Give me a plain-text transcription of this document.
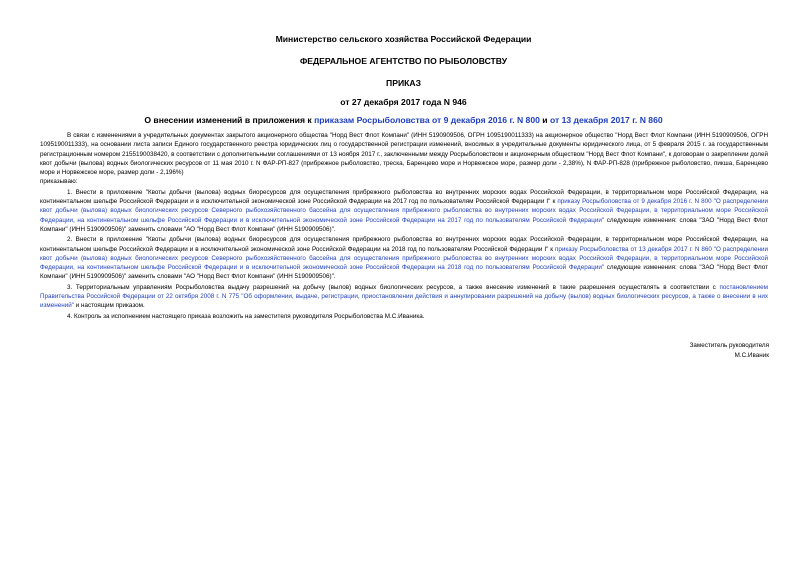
Министерство сельского хозяйства Российской Федерации
ФЕДЕРАЛЬНОЕ АГЕНТСТВО ПО РЫБОЛОВСТВУ
ПРИКАЗ
от 27 декабря 2017 года N 946
О внесении изменений в приложения к приказам Росрыболовства от 9 декабря 2016 г. N 800 и от 13 декабря 2017 г. N 860

В связи с изменениями в учредительных документах закрытого акционерного общества "Норд Вест Флот Компани" (ИНН 5190909506, ОГРН 1095190011333) на акционерное общество "Норд Вест Флот Компани (ИНН 5190909506, ОГРН 1095190011333), на основании листа записи Единого государственного реестра юридических лиц о государственной регистрации изменений, вносимых в учредительные документы юридического лица, от 5 февраля 2015 г. за государственным регистрационным номером 2155190038420, в соответствии с дополнительными соглашениями от 13 ноября 2017 г., заключенными между Росрыболовством и акционерным обществом "Норд Вест Флот Компани", к договорам о закреплении долей квот добычи (вылова) водных биологических ресурсов от 11 мая 2010 г. N ФАР-РП-827 (прибрежное рыболовство, треска, Баренцево море и Норвежское море, размер доли - 2,38%), N ФАР-РП-828 (прибрежное рыболовство, пикша, Баренцево море и Норвежское море, размер доли - 2,196%)

приказываю:

1. Внести в приложение "Квоты добычи (вылова) водных биоресурсов для осуществления прибрежного рыболовства во внутренних морских водах Российской Федерации, в территориальном море Российской Федерации, на континентальном шельфе Российской Федерации и в исключительной экономической зоне Российской Федерации на 2017 год по пользователям Российской Федерации I" к приказу Росрыболовства от 9 декабря 2016 г. N 800 "О распределении квот добычи (вылова) водных биологических ресурсов Северного рыбохозяйственного бассейна для осуществления прибрежного рыболовства во внутренних морских водах Российской Федерации, в территориальном море Российской Федерации, на континентальном шельфе Российской Федерации и в исключительной экономической зоне Российской Федерации на 2017 год по пользователям Российской Федерации" следующие изменения: слова "ЗАО "Норд Вест Флот Компани" (ИНН 5190909506)" заменить словами "АО "Норд Вест Флот Компани" (ИНН 5190909506)".

2. Внести в приложение "Квоты добычи (вылова) водных биоресурсов для осуществления прибрежного рыболовства во внутренних морских водах Российской Федерации, в территориальном море Российской Федерации, на континентальном шельфе Российской Федерации и в исключительной экономической зоне Российской Федерации на 2018 год по пользователям Российской Федерации I" к приказу Росрыболовства от 13 декабря 2017 г. N 860 "О распределении квот добычи (вылова) водных биологических ресурсов Северного рыбохозяйственного бассейна для осуществления прибрежного рыболовства во внутренних морских водах Российской Федерации, в территориальном море Российской Федерации, на континентальном шельфе Российской Федерации и в исключительной экономической зоне Российской Федерации на 2018 год по пользователям Российской Федерации" следующие изменения: слова "ЗАО "Норд Вест Флот Компани" (ИНН 5190909506)" заменить словами "АО "Норд Вест Флот Компани" (ИНН 5190909506)".

3. Территориальным управлениям Росрыболовства выдачу разрешений на добычу (вылов) водных биологических ресурсов, а также внесение изменений в такие разрешения осуществлять в соответствии с постановлением Правительства Российской Федерации от 22 октября 2008 г. N 775 "Об оформлении, выдаче, регистрации, приостановлении действия и аннулировании разрешений на добычу (вылов) водных биологических ресурсов, а также о внесении в них изменений" и настоящим приказом.

4. Контроль за исполнением настоящего приказа возложить на заместителя руководителя Росрыболовства М.С.Иваника.

Заместитель руководителя
М.С.Иваник
